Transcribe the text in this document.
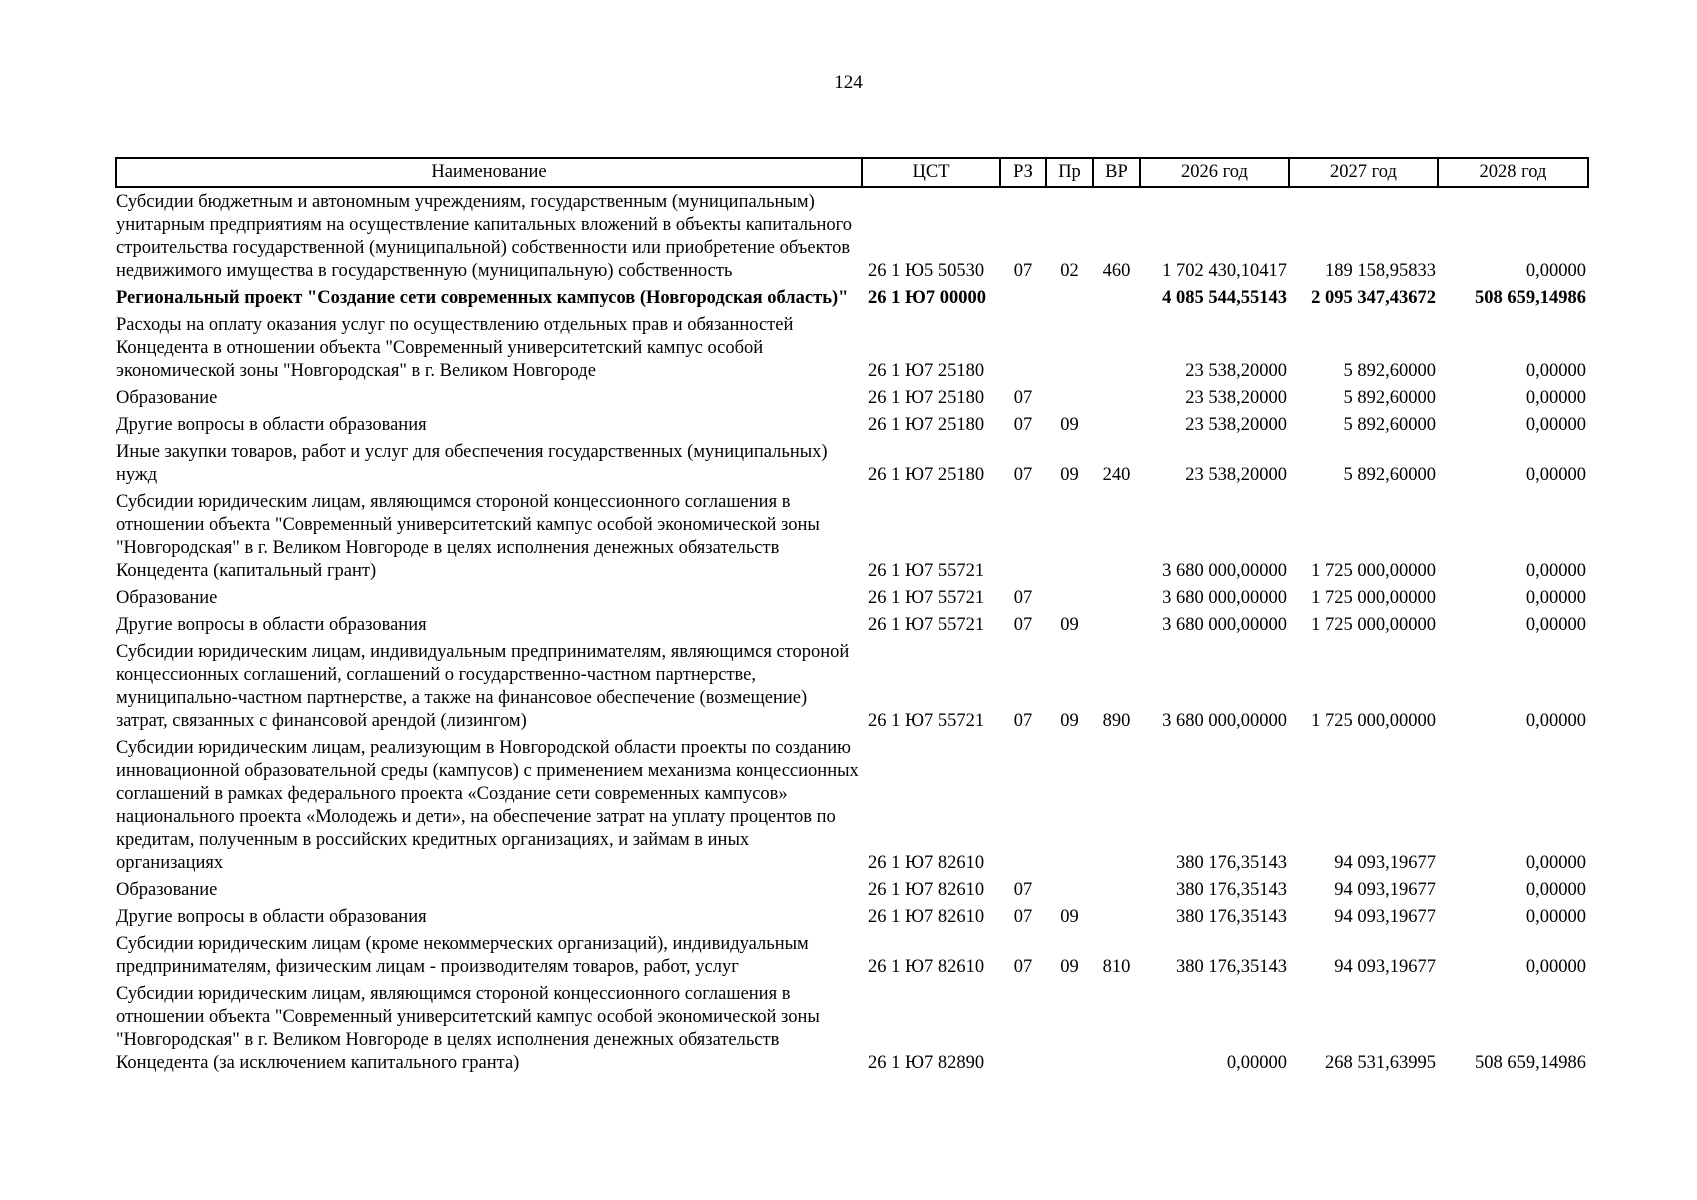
124
Наименование	ЦСТ	РЗ	Пр	ВР	2026 год	2027 год	2028 год
Субсидии бюджетным и автономным учреждениям, государственным (муниципальным) унитарным предприятиям на осуществление капитальных вложений в объекты капитального строительства государственной (муниципальной) собственности или приобретение объектов недвижимого имущества в государственную (муниципальную) собственность	26 1 Ю5 50530	07	02	460	1 702 430,10417	189 158,95833	0,00000
Региональный проект "Создание сети современных кампусов (Новгородская область)"	26 1 Ю7 00000				4 085 544,55143	2 095 347,43672	508 659,14986
Расходы на оплату оказания услуг по осуществлению отдельных прав и обязанностей Концедента в отношении объекта "Современный университетский кампус особой экономической зоны "Новгородская" в г. Великом Новгороде	26 1 Ю7 25180				23 538,20000	5 892,60000	0,00000
Образование	26 1 Ю7 25180	07			23 538,20000	5 892,60000	0,00000
Другие вопросы в области образования	26 1 Ю7 25180	07	09		23 538,20000	5 892,60000	0,00000
Иные закупки товаров, работ и услуг для обеспечения государственных (муниципальных) нужд	26 1 Ю7 25180	07	09	240	23 538,20000	5 892,60000	0,00000
Субсидии юридическим лицам, являющимся стороной концессионного соглашения в отношении объекта "Современный университетский кампус особой экономической зоны "Новгородская" в г. Великом Новгороде в целях исполнения денежных обязательств Концедента (капитальный грант)	26 1 Ю7 55721				3 680 000,00000	1 725 000,00000	0,00000
Образование	26 1 Ю7 55721	07			3 680 000,00000	1 725 000,00000	0,00000
Другие вопросы в области образования	26 1 Ю7 55721	07	09		3 680 000,00000	1 725 000,00000	0,00000
Субсидии юридическим лицам, индивидуальным предпринимателям, являющимся стороной концессионных соглашений, соглашений о государственно-частном партнерстве, муниципально-частном партнерстве, а также на финансовое обеспечение (возмещение) затрат, связанных с финансовой арендой (лизингом)	26 1 Ю7 55721	07	09	890	3 680 000,00000	1 725 000,00000	0,00000
Субсидии юридическим лицам, реализующим в Новгородской области проекты по созданию инновационной образовательной среды (кампусов) с применением механизма концессионных соглашений в рамках федерального проекта «Создание сети современных кампусов» национального проекта «Молодежь и дети», на обеспечение затрат на уплату процентов по кредитам, полученным в российских кредитных организациях, и займам в иных организациях	26 1 Ю7 82610				380 176,35143	94 093,19677	0,00000
Образование	26 1 Ю7 82610	07			380 176,35143	94 093,19677	0,00000
Другие вопросы в области образования	26 1 Ю7 82610	07	09		380 176,35143	94 093,19677	0,00000
Субсидии юридическим лицам (кроме некоммерческих организаций), индивидуальным предпринимателям, физическим лицам - производителям товаров, работ, услуг	26 1 Ю7 82610	07	09	810	380 176,35143	94 093,19677	0,00000
Субсидии юридическим лицам, являющимся стороной концессионного соглашения в отношении объекта "Современный университетский кампус особой экономической зоны "Новгородская" в г. Великом Новгороде в целях исполнения денежных обязательств Концедента (за исключением капитального гранта)	26 1 Ю7 82890				0,00000	268 531,63995	508 659,14986
